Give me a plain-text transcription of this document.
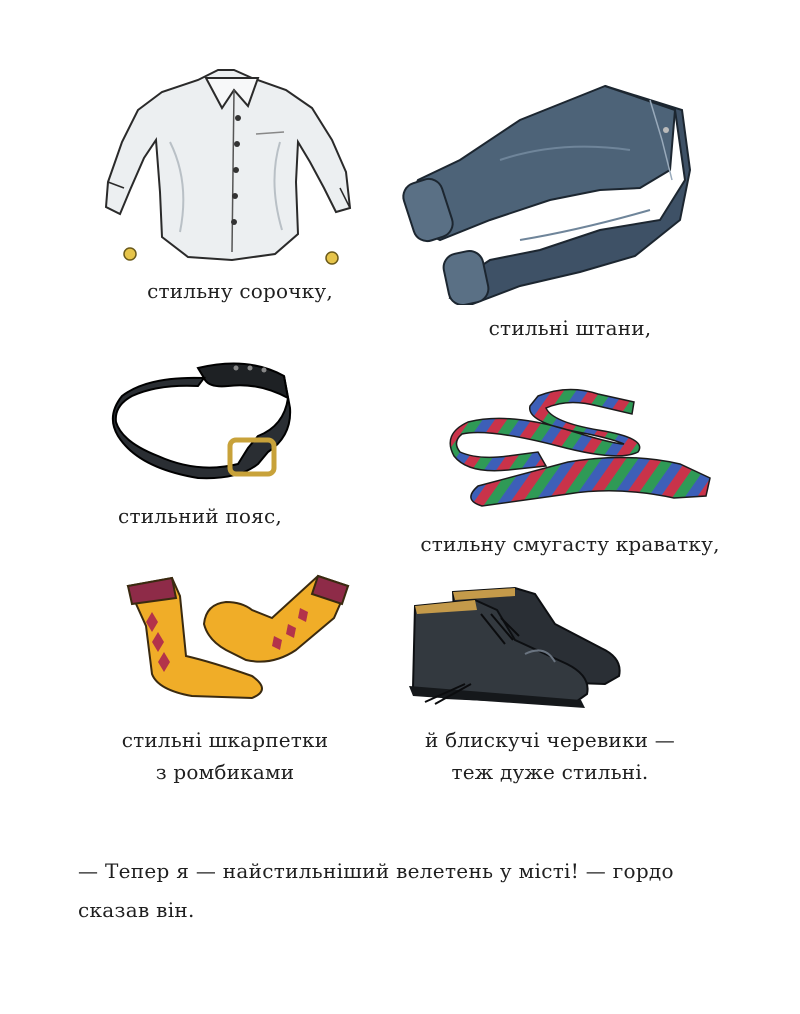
стильну сорочку,
стильні штани,
стильний пояс,
стильну смугасту краватку,
стильні шкарпетки
з ромбиками
й блискучі черевики —
теж дуже стильні.
— Тепер я — найстильніший велетень у місті! — гордо
сказав він.
